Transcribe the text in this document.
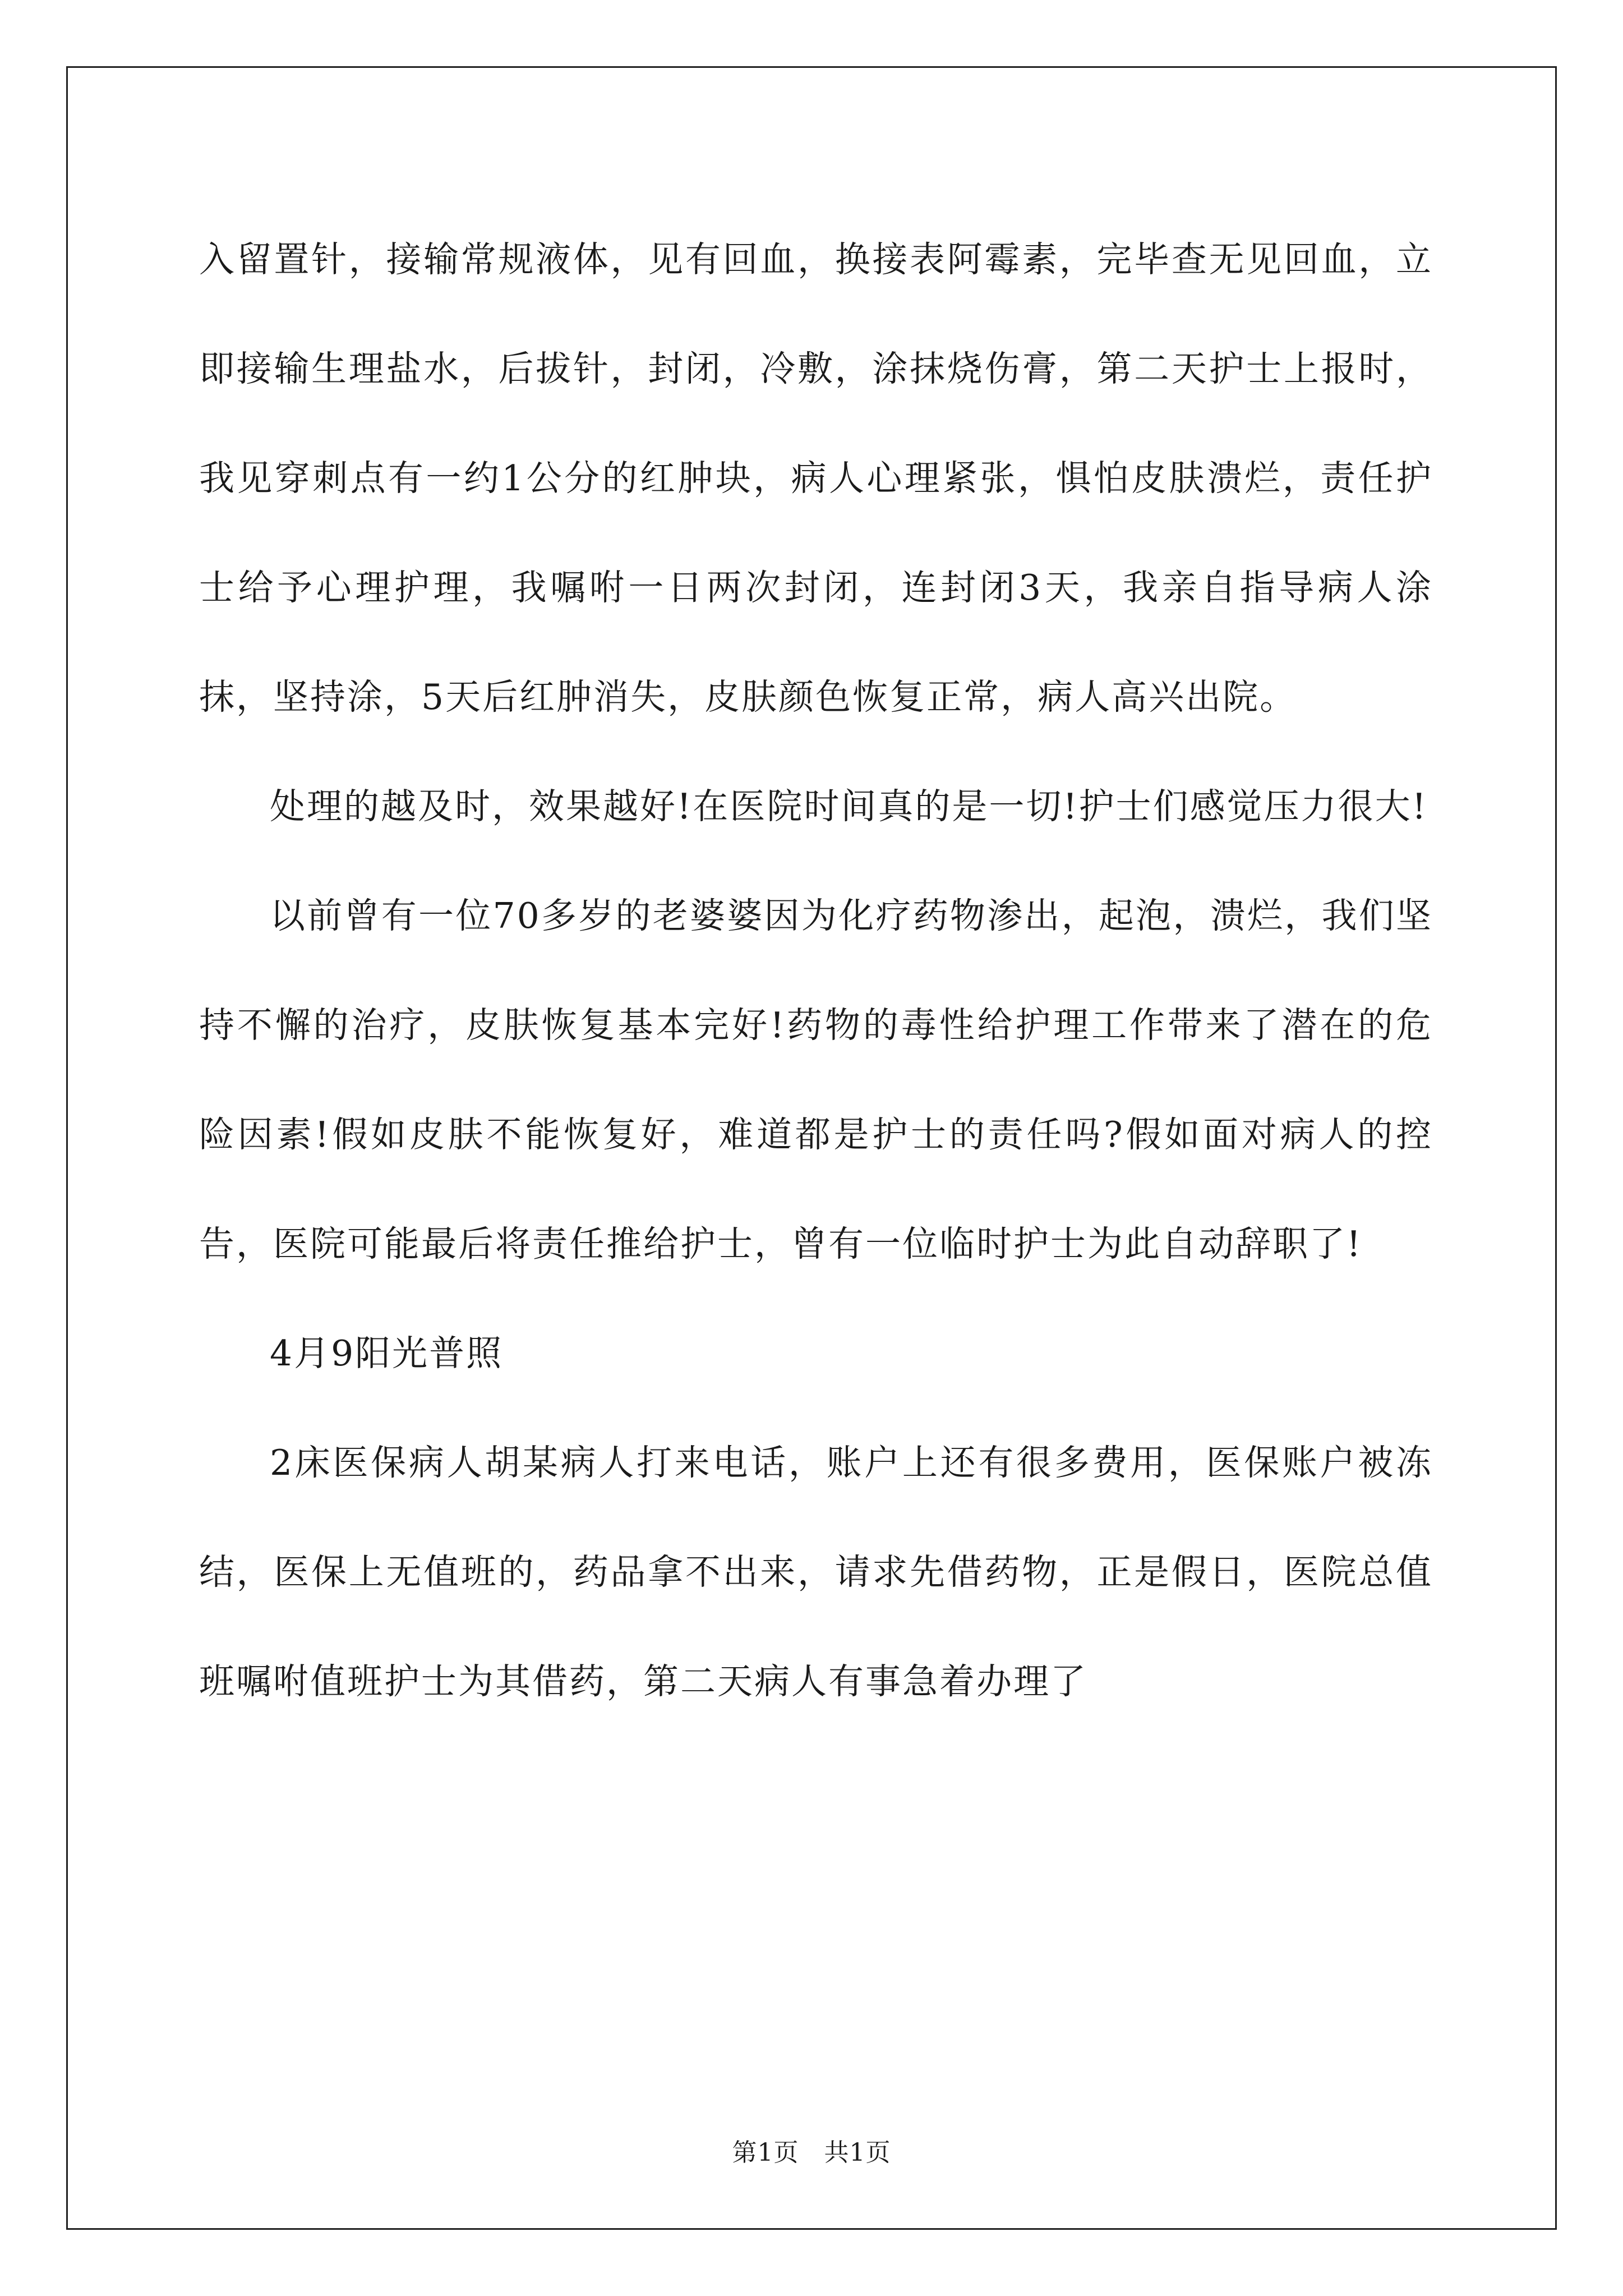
入留置针，接输常规液体，见有回血，换接表阿霉素，完毕查无见回血，立即接输生理盐水，后拔针，封闭，冷敷，涂抹烧伤膏，第二天护士上报时，我见穿刺点有一约1公分的红肿块，病人心理紧张，惧怕皮肤溃烂，责任护士给予心理护理，我嘱咐一日两次封闭，连封闭3天，我亲自指导病人涂抹，坚持涂，5天后红肿消失，皮肤颜色恢复正常，病人高兴出院。

处理的越及时，效果越好!在医院时间真的是一切!护士们感觉压力很大!

以前曾有一位70多岁的老婆婆因为化疗药物渗出，起泡，溃烂，我们坚持不懈的治疗，皮肤恢复基本完好!药物的毒性给护理工作带来了潜在的危险因素!假如皮肤不能恢复好，难道都是护士的责任吗?假如面对病人的控告，医院可能最后将责任推给护士，曾有一位临时护士为此自动辞职了!

4月9阳光普照

2床医保病人胡某病人打来电话，账户上还有很多费用，医保账户被冻结，医保上无值班的，药品拿不出来，请求先借药物，正是假日，医院总值班嘱咐值班护士为其借药，第二天病人有事急着办理了

第1页   共1页
